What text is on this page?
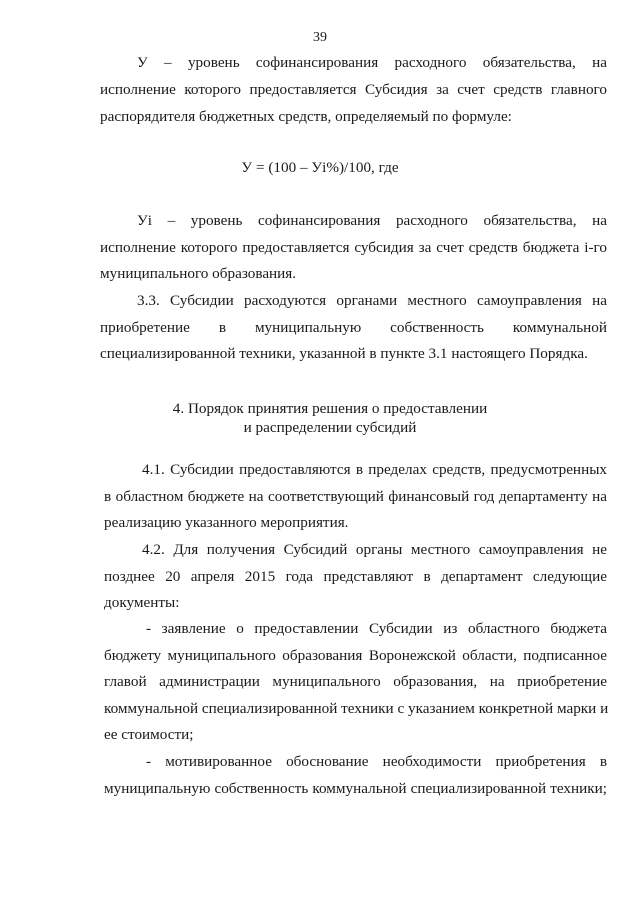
39
У – уровень софинансирования расходного обязательства, на
исполнение которого предоставляется Субсидия за счет средств главного
распорядителя бюджетных средств, определяемый по формуле:
У = (100 – Уi%)/100, где
Уi – уровень софинансирования расходного обязательства, на
исполнение которого предоставляется субсидия за счет средств бюджета i-го
муниципального образования.
3.3. Субсидии расходуются органами местного самоуправления на
приобретение в муниципальную собственность коммунальной
специализированной техники, указанной в пункте 3.1 настоящего Порядка.
4. Порядок принятия решения о предоставлении
и распределении субсидий
4.1. Субсидии предоставляются в пределах средств, предусмотренных
в областном бюджете на соответствующий финансовый год департаменту на
реализацию указанного мероприятия.
4.2. Для получения Субсидий органы местного самоуправления не
позднее 20 апреля 2015 года представляют в департамент следующие
документы:
- заявление о предоставлении Субсидии из областного бюджета
бюджету муниципального образования Воронежской области, подписанное
главой администрации муниципального образования, на приобретение
коммунальной специализированной техники с указанием конкретной марки и
ее стоимости;
- мотивированное обоснование необходимости приобретения в
муниципальную собственность коммунальной специализированной техники;
